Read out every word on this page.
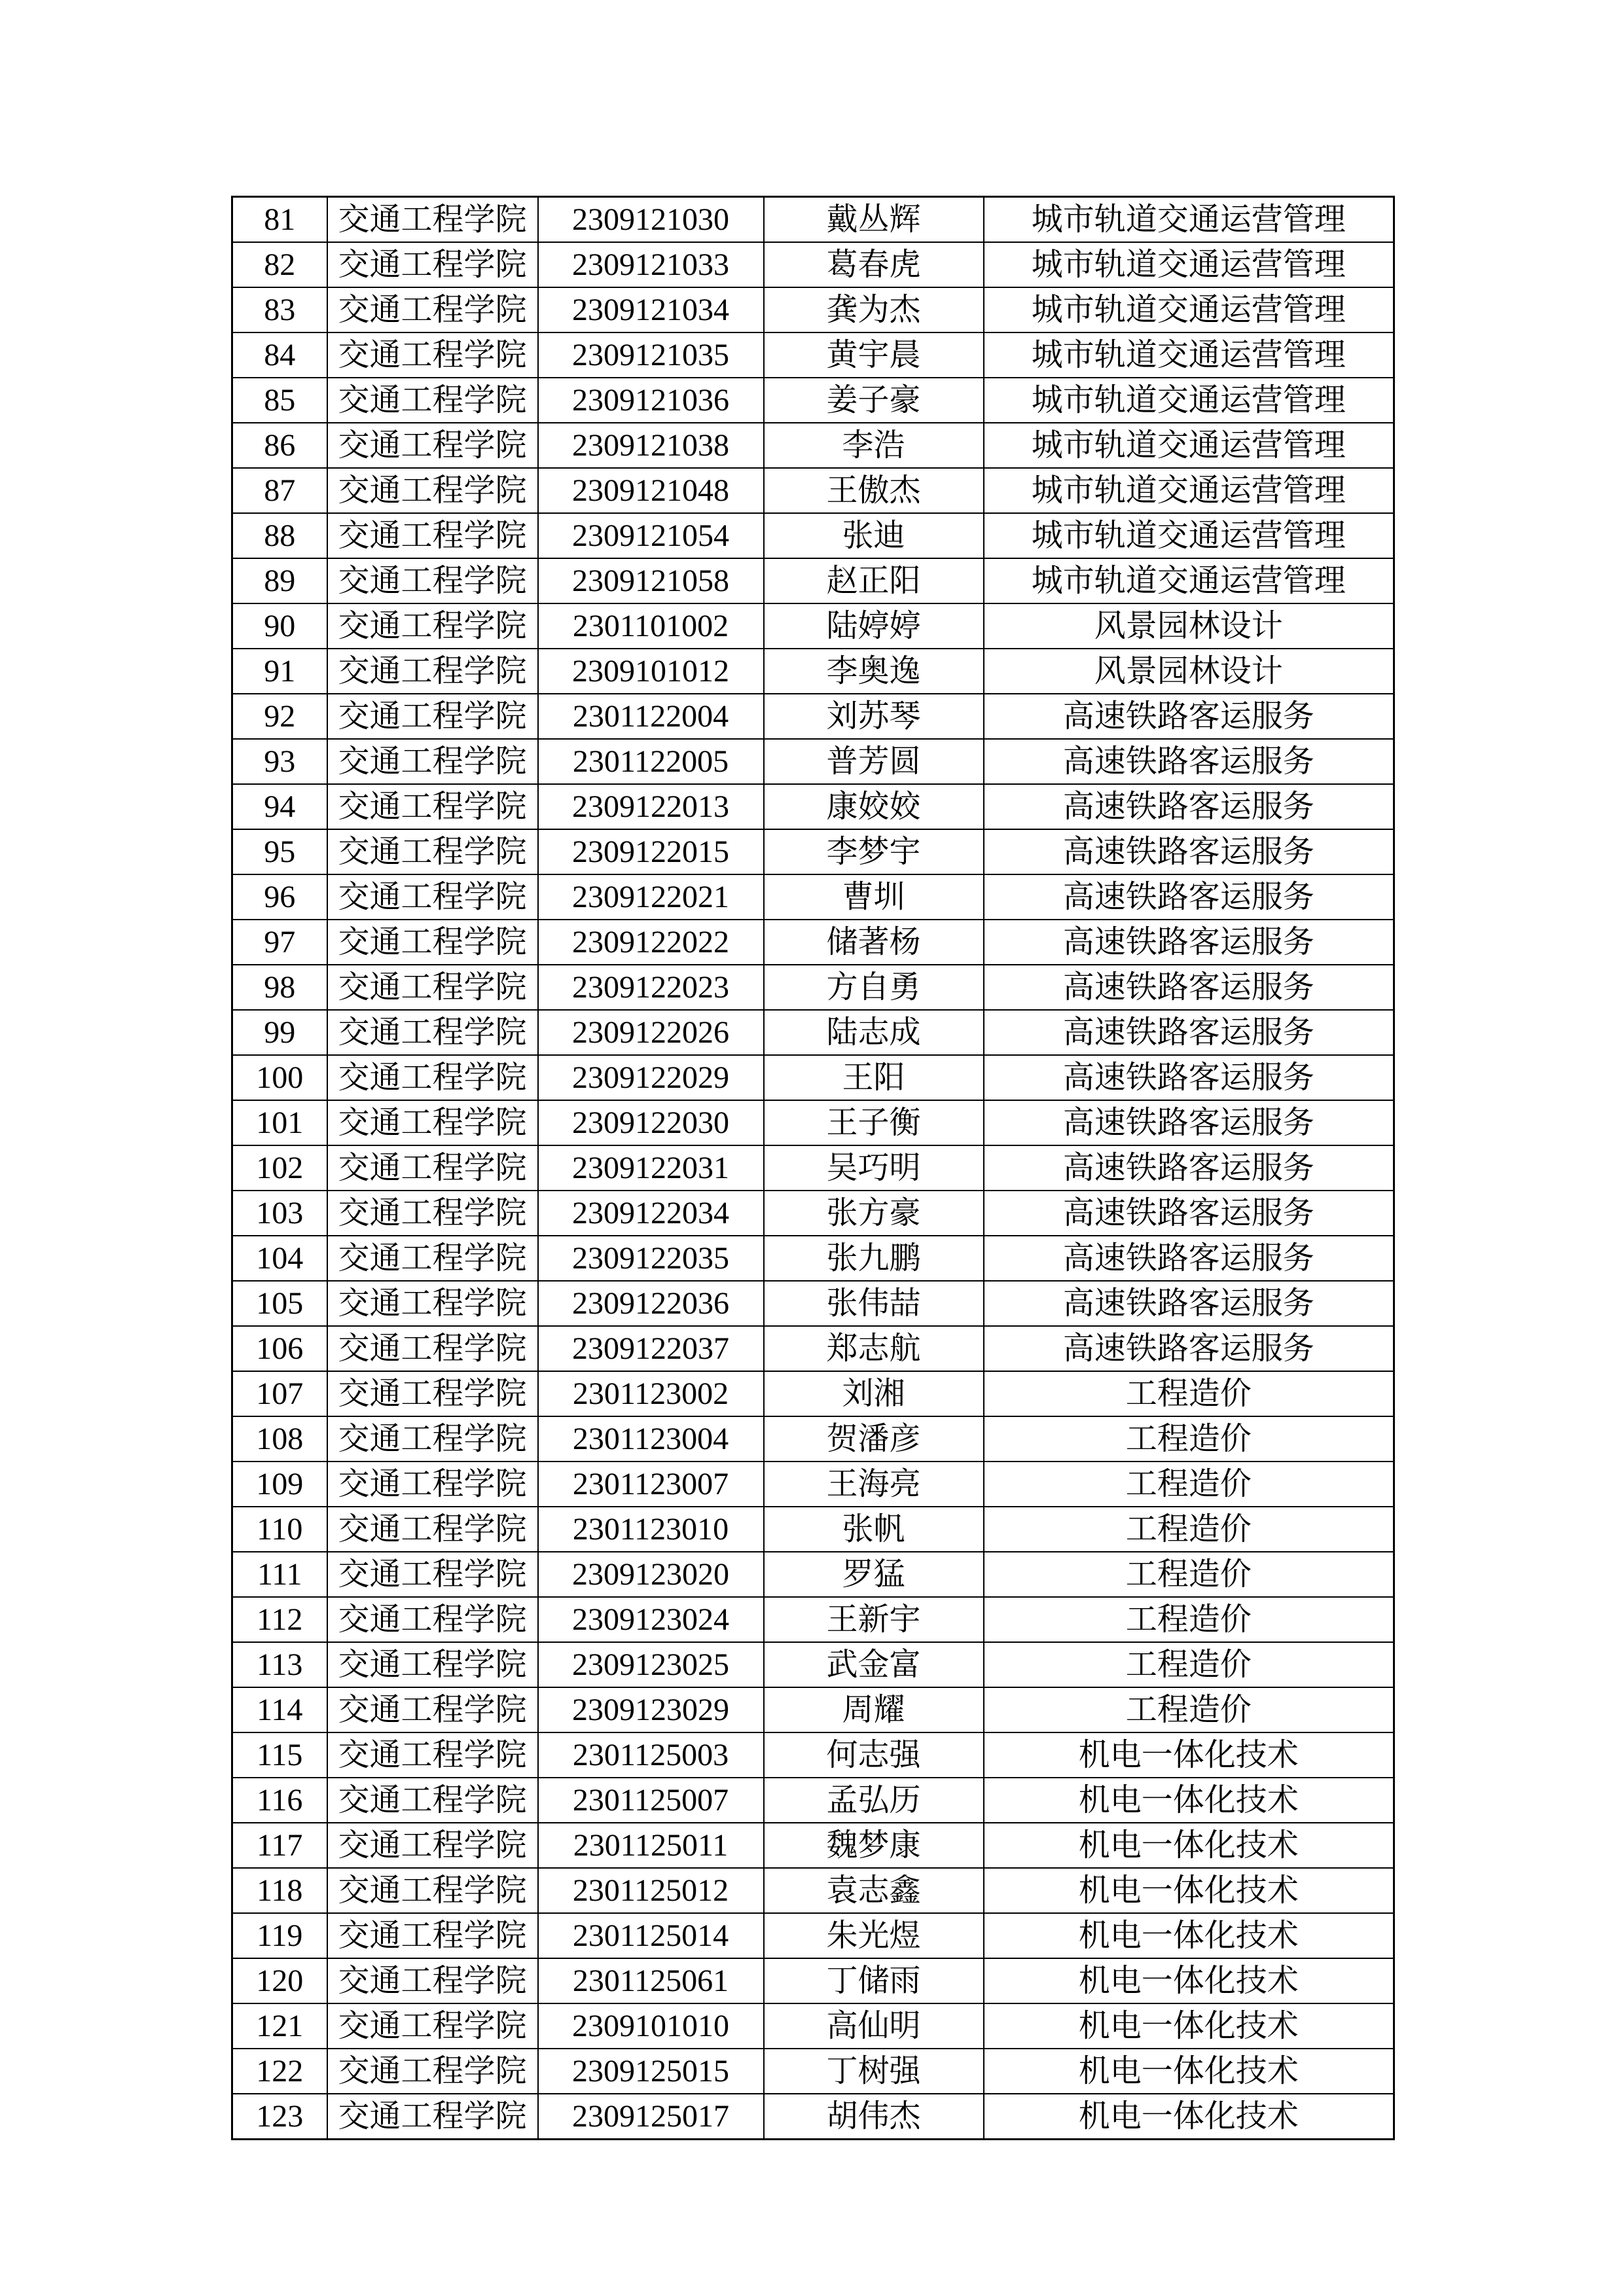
81	交通工程学院	2309121030	戴丛辉	城市轨道交通运营管理
82	交通工程学院	2309121033	葛春虎	城市轨道交通运营管理
83	交通工程学院	2309121034	龚为杰	城市轨道交通运营管理
84	交通工程学院	2309121035	黄宇晨	城市轨道交通运营管理
85	交通工程学院	2309121036	姜子豪	城市轨道交通运营管理
86	交通工程学院	2309121038	李浩	城市轨道交通运营管理
87	交通工程学院	2309121048	王傲杰	城市轨道交通运营管理
88	交通工程学院	2309121054	张迪	城市轨道交通运营管理
89	交通工程学院	2309121058	赵正阳	城市轨道交通运营管理
90	交通工程学院	2301101002	陆婷婷	风景园林设计
91	交通工程学院	2309101012	李奥逸	风景园林设计
92	交通工程学院	2301122004	刘苏琴	高速铁路客运服务
93	交通工程学院	2301122005	普芳圆	高速铁路客运服务
94	交通工程学院	2309122013	康姣姣	高速铁路客运服务
95	交通工程学院	2309122015	李梦宇	高速铁路客运服务
96	交通工程学院	2309122021	曹圳	高速铁路客运服务
97	交通工程学院	2309122022	储著杨	高速铁路客运服务
98	交通工程学院	2309122023	方自勇	高速铁路客运服务
99	交通工程学院	2309122026	陆志成	高速铁路客运服务
100	交通工程学院	2309122029	王阳	高速铁路客运服务
101	交通工程学院	2309122030	王子衡	高速铁路客运服务
102	交通工程学院	2309122031	吴巧明	高速铁路客运服务
103	交通工程学院	2309122034	张方豪	高速铁路客运服务
104	交通工程学院	2309122035	张九鹏	高速铁路客运服务
105	交通工程学院	2309122036	张伟喆	高速铁路客运服务
106	交通工程学院	2309122037	郑志航	高速铁路客运服务
107	交通工程学院	2301123002	刘湘	工程造价
108	交通工程学院	2301123004	贺潘彦	工程造价
109	交通工程学院	2301123007	王海亮	工程造价
110	交通工程学院	2301123010	张帆	工程造价
111	交通工程学院	2309123020	罗猛	工程造价
112	交通工程学院	2309123024	王新宇	工程造价
113	交通工程学院	2309123025	武金富	工程造价
114	交通工程学院	2309123029	周耀	工程造价
115	交通工程学院	2301125003	何志强	机电一体化技术
116	交通工程学院	2301125007	孟弘历	机电一体化技术
117	交通工程学院	2301125011	魏梦康	机电一体化技术
118	交通工程学院	2301125012	袁志鑫	机电一体化技术
119	交通工程学院	2301125014	朱光煜	机电一体化技术
120	交通工程学院	2301125061	丁储雨	机电一体化技术
121	交通工程学院	2309101010	高仙明	机电一体化技术
122	交通工程学院	2309125015	丁树强	机电一体化技术
123	交通工程学院	2309125017	胡伟杰	机电一体化技术
